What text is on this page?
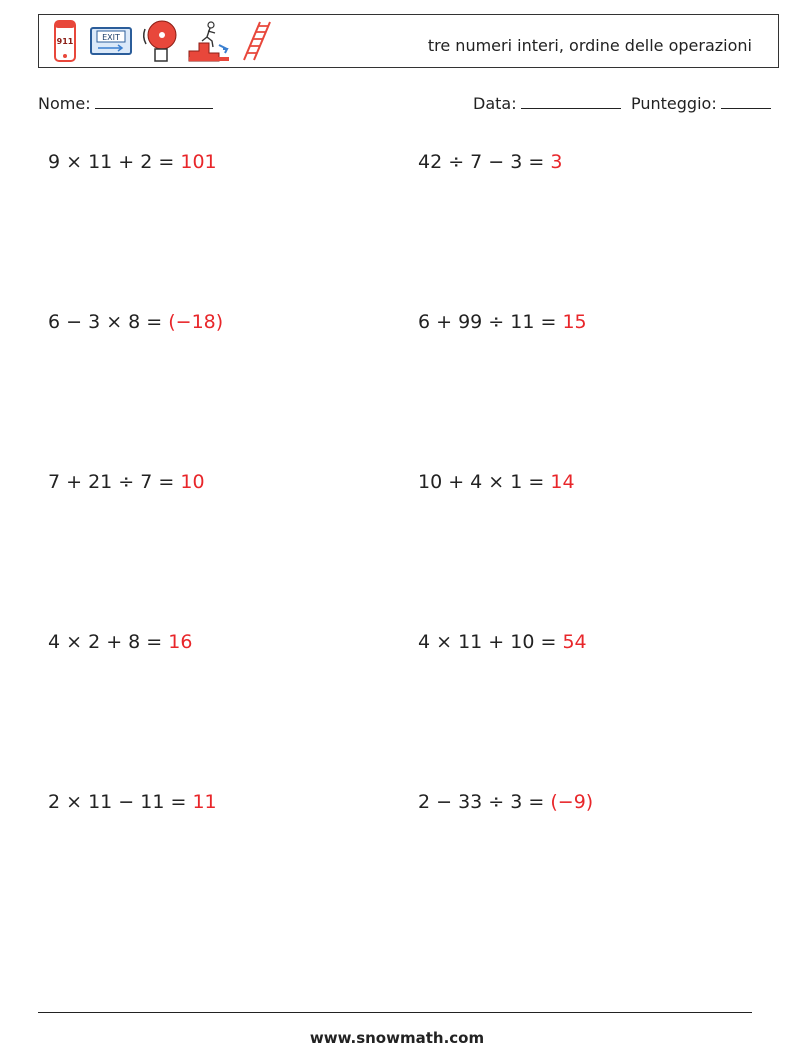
911	EXIT	tre numeri interi, ordine delle operazioni
Nome:	Data:	Punteggio:
9 × 11 + 2 = 101	42 ÷ 7 − 3 = 3
6 − 3 × 8 = (−18)	6 + 99 ÷ 11 = 15
7 + 21 ÷ 7 = 10	10 + 4 × 1 = 14
4 × 2 + 8 = 16	4 × 11 + 10 = 54
2 × 11 − 11 = 11	2 − 33 ÷ 3 = (−9)
www.snowmath.com
